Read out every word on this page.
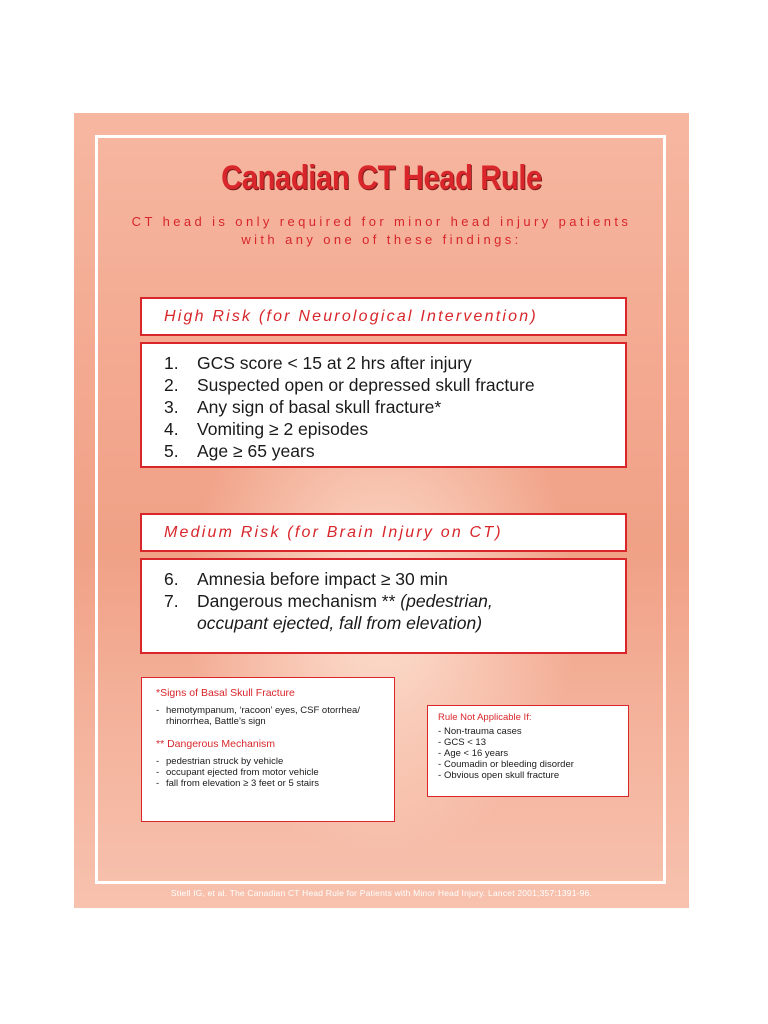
Canadian CT Head Rule
CT head is only required for minor head injury patients
with any one of these findings:
High Risk (for Neurological Intervention)
1.	GCS score < 15 at 2 hrs after injury
2.	Suspected open or depressed skull fracture
3.	Any sign of basal skull fracture*
4.	Vomiting ≥ 2 episodes
5.	Age ≥ 65 years
Medium Risk (for Brain Injury on CT)
6.	Amnesia before impact ≥ 30 min
7.	Dangerous mechanism ** (pedestrian,
occupant ejected, fall from elevation)
*Signs of Basal Skull Fracture
- hemotympanum, ‘racoon’ eyes, CSF otorrhea/
rhinorrhea, Battle’s sign
** Dangerous Mechanism
- pedestrian struck by vehicle
- occupant ejected from motor vehicle
- fall from elevation ≥ 3 feet or 5 stairs
Rule Not Applicable If:
- Non-trauma cases
- GCS < 13
- Age < 16 years
- Coumadin or bleeding disorder
- Obvious open skull fracture
Stiell IG, et al. The Canadian CT Head Rule for Patients with Minor Head Injury. Lancet 2001;357:1391-96.
